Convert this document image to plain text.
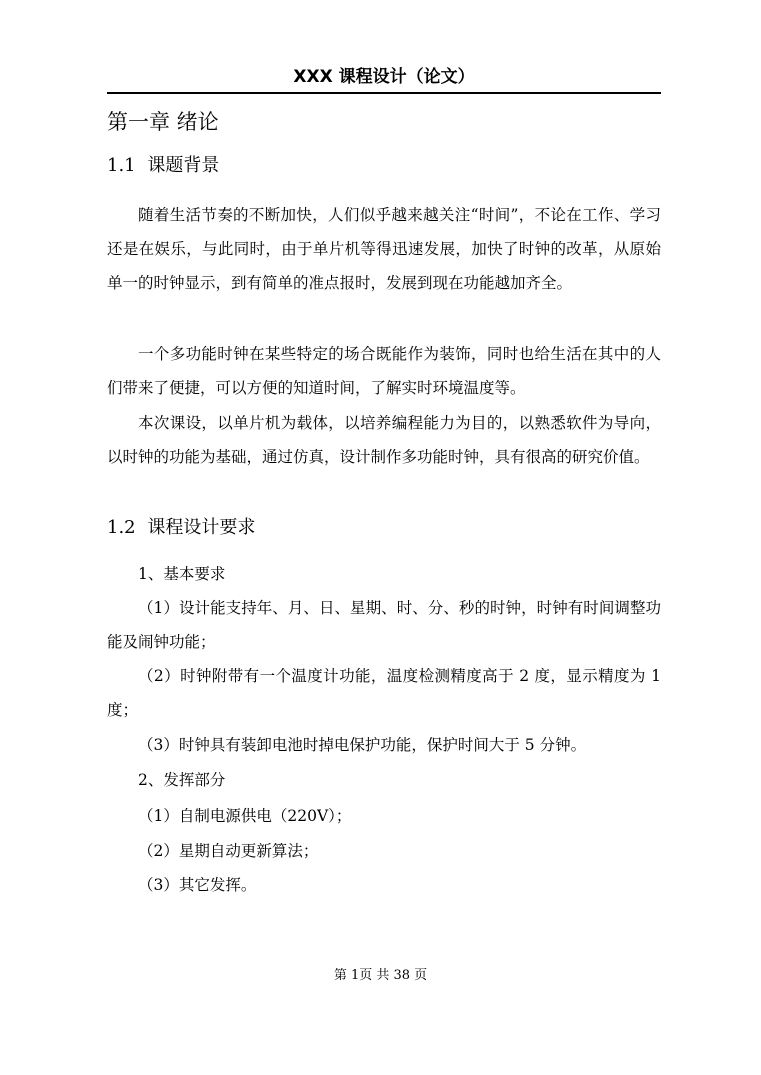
XXX 课程设计（论文）
第一章 绪论
1.1 课题背景

随着生活节奏的不断加快，人们似乎越来越关注“时间”，不论在工作、学习还是在娱乐，与此同时，由于单片机等得迅速发展，加快了时钟的改革，从原始单一的时钟显示，到有简单的准点报时，发展到现在功能越加齐全。

一个多功能时钟在某些特定的场合既能作为装饰，同时也给生活在其中的人们带来了便捷，可以方便的知道时间，了解实时环境温度等。

本次课设，以单片机为载体，以培养编程能力为目的，以熟悉软件为导向，以时钟的功能为基础，通过仿真，设计制作多功能时钟，具有很高的研究价值。

1.2 课程设计要求

1、基本要求

（1）设计能支持年、月、日、星期、时、分、秒的时钟，时钟有时间调整功能及闹钟功能；

（2）时钟附带有一个温度计功能，温度检测精度高于 2 度，显示精度为 1 度；

（3）时钟具有装卸电池时掉电保护功能，保护时间大于 5 分钟。

2、发挥部分

（1）自制电源供电（220V）；

（2）星期自动更新算法；

（3）其它发挥。

第 1页 共 38 页
